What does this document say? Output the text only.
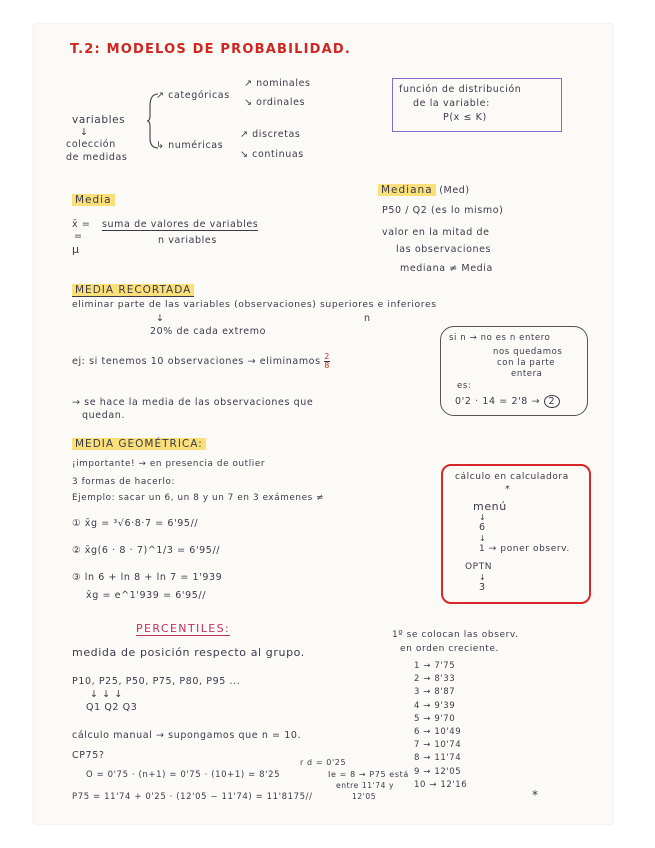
T.2: MODELOS DE PROBABILIDAD.
variables
↓
colección
de medidas
↗ categóricas
↳ numéricas
↗ nominales
↘ ordinales
↗ discretas
↘ continuas
función de distribución
de la variable:
P(x ≤ K)
Media
x̄ =
=
μ
suma de valores de variables
n variables
Mediana (Med)
P50 / Q2 (es lo mismo)
valor en la mitad de
las observaciones
mediana ≠ Media
MEDIA RECORTADA
eliminar parte de las variables (observaciones) superiores e inferiores
↓	n
20% de cada extremo
ej: si tenemos 10 observaciones → eliminamos $\frac{2}{8}$
→ se hace la media de las observaciones que
quedan.
si n → no es n entero
nos quedamos
con la parte
entera
es:
0'2 · 14 = 2'8 → 2
MEDIA GEOMÉTRICA:
¡importante! → en presencia de outlier
3 formas de hacerlo:
Ejemplo: sacar un 6, un 8 y un 7 en 3 exámenes ≠
① x̄g = ³√6·8·7 = 6'95//
② x̄g(6 · 8 · 7)^1/3 = 6'95//
③ ln 6 + ln 8 + ln 7 = 1'939
x̄g = e^1'939 = 6'95//
cálculo en calculadora
*
menú
↓
6
↓
1 → poner observ.
OPTN
↓
3
PERCENTILES:
medida de posición respecto al grupo.
P10, P25, P50, P75, P80, P95 ...
↓ ↓ ↓
Q1 Q2 Q3
cálculo manual → supongamos que n = 10.
CP75?
r d = 0'25
O = 0'75 · (n+1) = 0'75 · (10+1) = 8'25	Ie = 8 → P75 está
entre 11'74 y
12'05
P75 = 11'74 + 0'25 · (12'05 − 11'74) = 11'8175//	*
1º se colocan las observ.
en orden creciente.
1 → 7'75
2 → 8'33
3 → 8'87
4 → 9'39
5 → 9'70
6 → 10'49
7 → 10'74
8 → 11'74
9 → 12'05
10 → 12'16
